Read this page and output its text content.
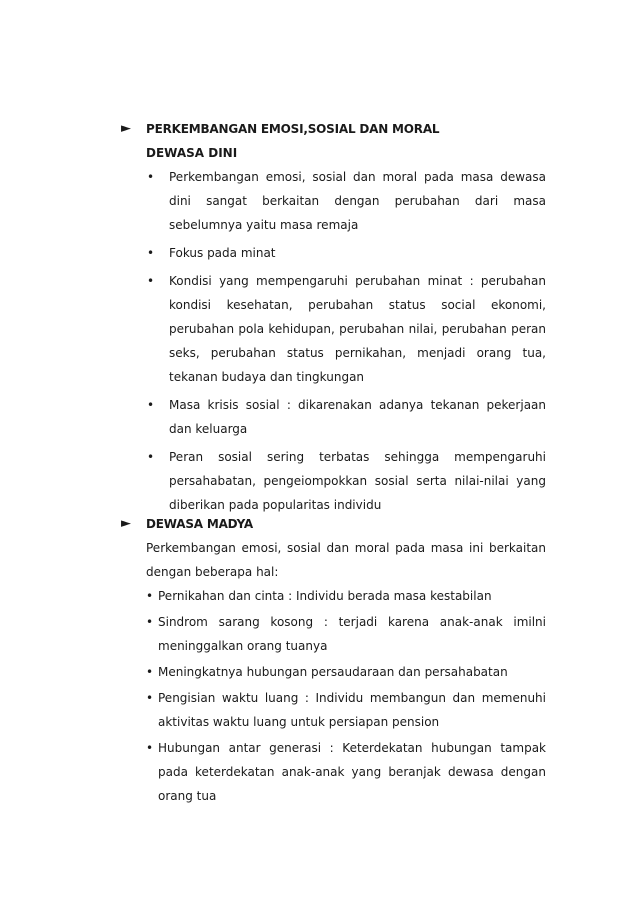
► PERKEMBANGAN EMOSI,SOSIAL DAN MORAL
DEWASA DINI
• Perkembangan emosi, sosial dan moral pada masa dewasa dini sangat berkaitan dengan perubahan dari masa sebelumnya yaitu masa remaja
• Fokus pada minat
• Kondisi yang mempengaruhi perubahan minat : perubahan kondisi kesehatan, perubahan status social ekonomi, perubahan pola kehidupan, perubahan nilai, perubahan peran seks, perubahan status pernikahan, menjadi orang tua, tekanan budaya dan tingkungan
• Masa krisis sosial : dikarenakan adanya tekanan pekerjaan dan keluarga
• Peran sosial sering terbatas sehingga mempengaruhi persahabatan, pengeiompokkan sosial serta nilai-nilai yang diberikan pada popularitas individu
► DEWASA MADYA
Perkembangan emosi, sosial dan moral pada masa ini berkaitan dengan beberapa hal:
• Pernikahan dan cinta : Individu berada masa kestabilan
• Sindrom sarang kosong : terjadi karena anak-anak imilni meninggalkan orang tuanya
• Meningkatnya hubungan persaudaraan dan persahabatan
• Pengisian waktu luang : Individu membangun dan memenuhi aktivitas waktu luang untuk persiapan pension
• Hubungan antar generasi : Keterdekatan hubungan tampak pada keterdekatan anak-anak yang beranjak dewasa dengan orang tua
